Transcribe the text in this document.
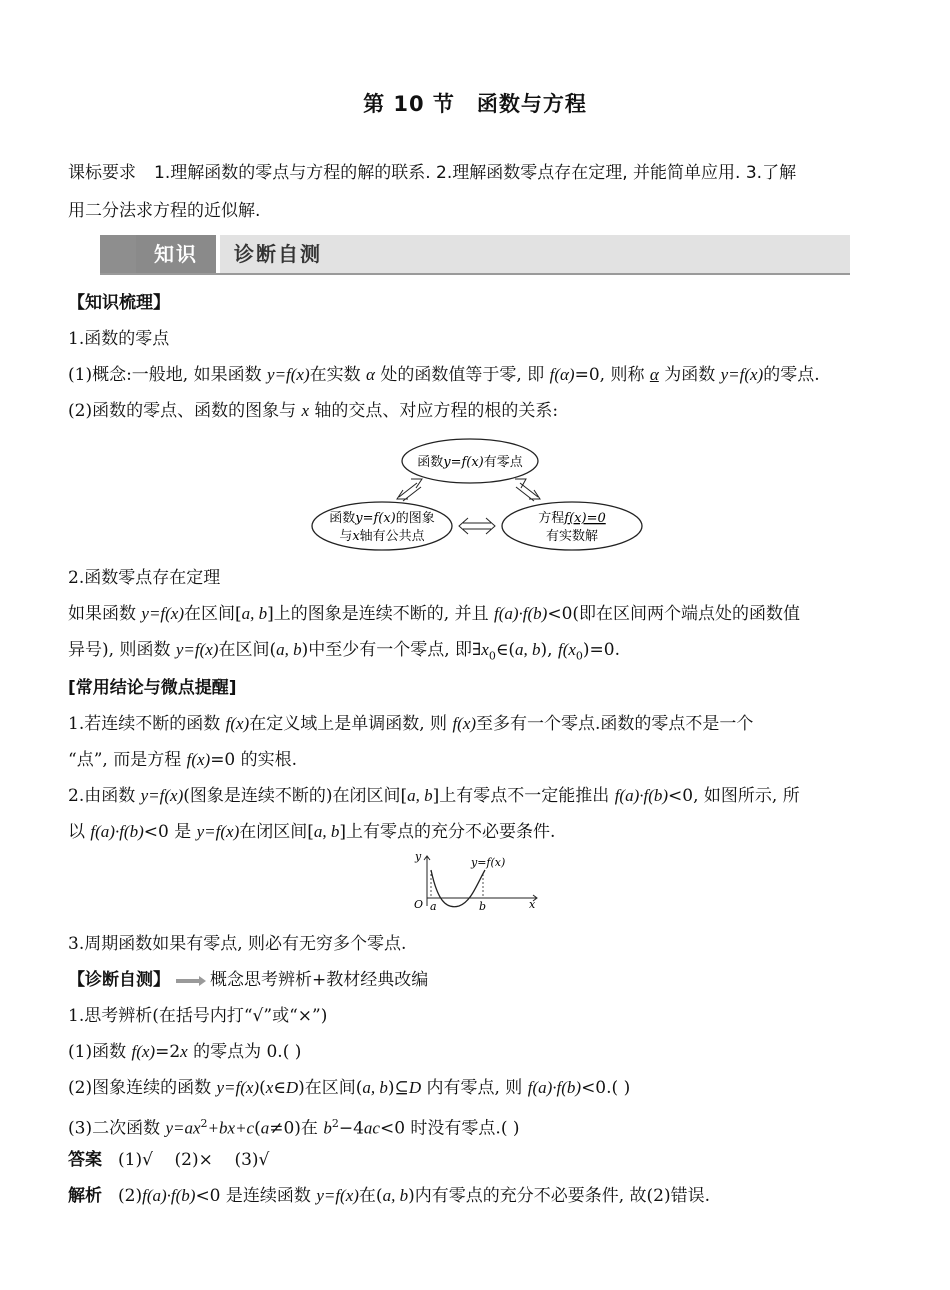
第 10 节 函数与方程
课标要求 1.理解函数的零点与方程的解的联系. 2.理解函数零点存在定理, 并能简单应用. 3.了解
用二分法求方程的近似解.
知识	诊断自测
【知识梳理】
1.函数的零点
(1)概念:一般地, 如果函数 y=f(x)在实数 α 处的函数值等于零, 即 f(α)=0, 则称 α 为函数 y=f(x)的零点.
(2)函数的零点、函数的图象与 x 轴的交点、对应方程的根的关系:
函数y=f(x)有零点
函数y=f(x)的图象
与x轴有公共点
方程f(x)=0
有实数解
2.函数零点存在定理
如果函数 y=f(x)在区间[a, b]上的图象是连续不断的, 并且 f(a)·f(b)<0(即在区间两个端点处的函数值
异号), 则函数 y=f(x)在区间(a, b)中至少有一个零点, 即$\exists x_0\in(a$, b), $f(x_0)=0$.
[常用结论与微点提醒]
1.若连续不断的函数 f(x)在定义域上是单调函数, 则 f(x)至多有一个零点.函数的零点不是一个
“点”, 而是方程 f(x)=0 的实根.
2.由函数 y=f(x)(图象是连续不断的)在闭区间[a, b]上有零点不一定能推出 f(a)·f(b)<0, 如图所示, 所
以 f(a)·f(b)<0 是 y=f(x)在闭区间[a, b]上有零点的充分不必要条件.
y	y=f(x)
O a	b	x
3.周期函数如果有零点, 则必有无穷多个零点.
【诊断自测】 概念思考辨析+教材经典改编
1.思考辨析(在括号内打“√”或“×”)
(1)函数 f(x)=2x 的零点为 0.( )
(2)图象连续的函数 y=f(x)(x∈D)在区间(a, b)⊆D 内有零点, 则 f(a)·f(b)<0.( )
(3)二次函数 $y=ax^2+bx+c(a\ne 0)$在 $b^2-4ac<0$ 时没有零点.( )
答案 (1)√    (2)×    (3)√
解析 (2)f(a)·f(b)<0 是连续函数 y=f(x)在(a, b)内有零点的充分不必要条件, 故(2)错误.
